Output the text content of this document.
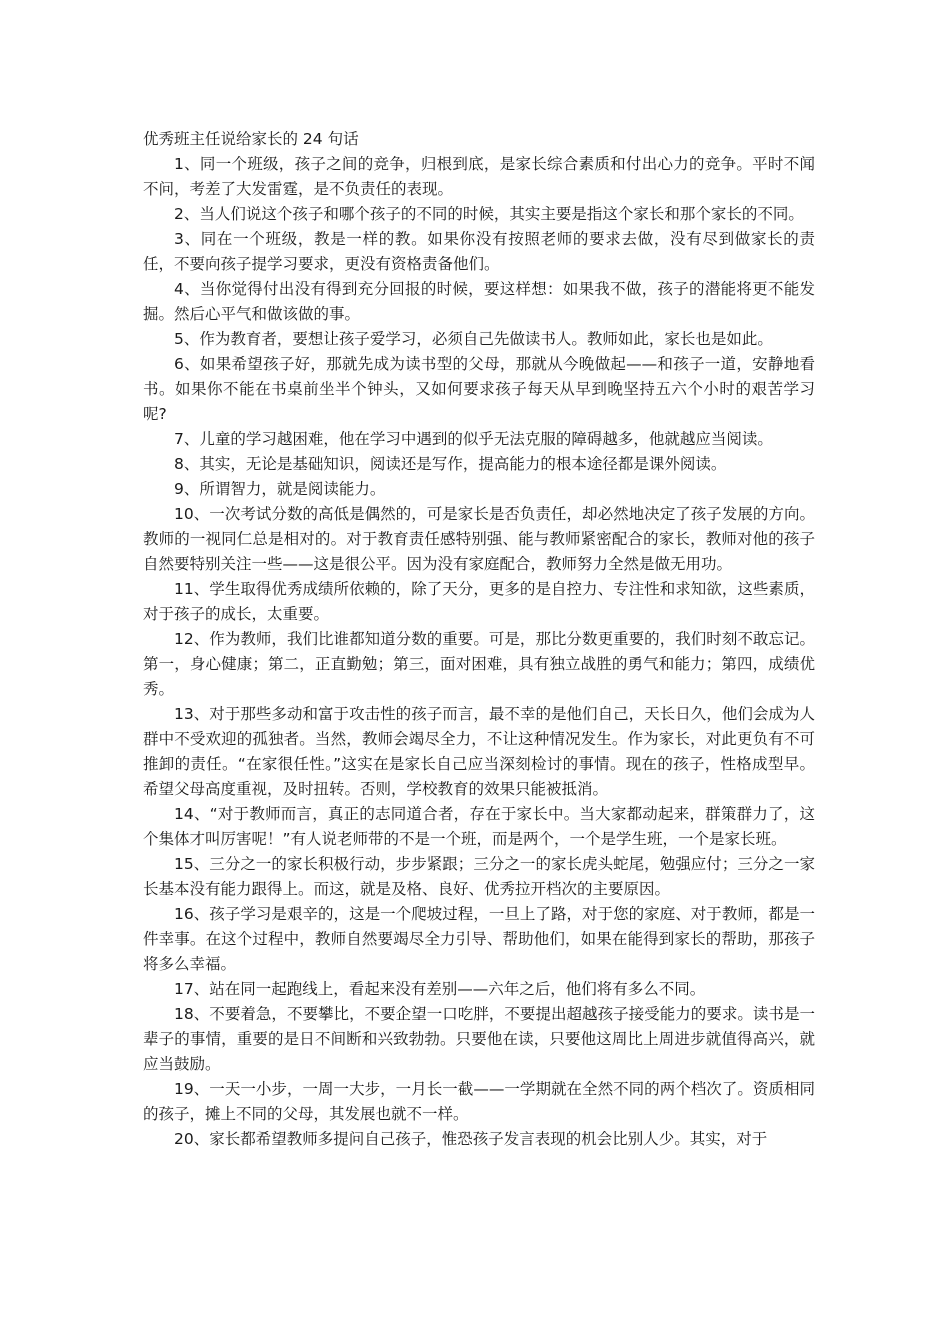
优秀班主任说给家长的 24 句话

1、同一个班级，孩子之间的竞争，归根到底，是家长综合素质和付出心力的竞争。平时不闻不问，考差了大发雷霆，是不负责任的表现。

2、当人们说这个孩子和哪个孩子的不同的时候，其实主要是指这个家长和那个家长的不同。

3、同在一个班级，教是一样的教。如果你没有按照老师的要求去做，没有尽到做家长的责任，不要向孩子提学习要求，更没有资格责备他们。

4、当你觉得付出没有得到充分回报的时候，要这样想：如果我不做，孩子的潜能将更不能发掘。然后心平气和做该做的事。

5、作为教育者，要想让孩子爱学习，必须自己先做读书人。教师如此，家长也是如此。

6、如果希望孩子好，那就先成为读书型的父母，那就从今晚做起——和孩子一道，安静地看书。如果你不能在书桌前坐半个钟头，又如何要求孩子每天从早到晚坚持五六个小时的艰苦学习呢?

7、儿童的学习越困难，他在学习中遇到的似乎无法克服的障碍越多，他就越应当阅读。

8、其实，无论是基础知识，阅读还是写作，提高能力的根本途径都是课外阅读。

9、所谓智力，就是阅读能力。

10、一次考试分数的高低是偶然的，可是家长是否负责任，却必然地决定了孩子发展的方向。教师的一视同仁总是相对的。对于教育责任感特别强、能与教师紧密配合的家长，教师对他的孩子自然要特别关注一些——这是很公平。因为没有家庭配合，教师努力全然是做无用功。

11、学生取得优秀成绩所依赖的，除了天分，更多的是自控力、专注性和求知欲，这些素质，对于孩子的成长，太重要。

12、作为教师，我们比谁都知道分数的重要。可是，那比分数更重要的，我们时刻不敢忘记。第一，身心健康；第二，正直勤勉；第三，面对困难，具有独立战胜的勇气和能力；第四，成绩优秀。

13、对于那些多动和富于攻击性的孩子而言，最不幸的是他们自己，天长日久，他们会成为人群中不受欢迎的孤独者。当然，教师会竭尽全力，不让这种情况发生。作为家长，对此更负有不可推卸的责任。“在家很任性。”这实在是家长自己应当深刻检讨的事情。现在的孩子，性格成型早。希望父母高度重视，及时扭转。否则，学校教育的效果只能被抵消。

14、“对于教师而言，真正的志同道合者，存在于家长中。当大家都动起来，群策群力了，这个集体才叫厉害呢！”有人说老师带的不是一个班，而是两个，一个是学生班，一个是家长班。

15、三分之一的家长积极行动，步步紧跟；三分之一的家长虎头蛇尾，勉强应付；三分之一家长基本没有能力跟得上。而这，就是及格、良好、优秀拉开档次的主要原因。

16、孩子学习是艰辛的，这是一个爬坡过程，一旦上了路，对于您的家庭、对于教师，都是一件幸事。在这个过程中，教师自然要竭尽全力引导、帮助他们，如果在能得到家长的帮助，那孩子将多么幸福。

17、站在同一起跑线上，看起来没有差别——六年之后，他们将有多么不同。

18、不要着急，不要攀比，不要企望一口吃胖，不要提出超越孩子接受能力的要求。读书是一辈子的事情，重要的是日不间断和兴致勃勃。只要他在读，只要他这周比上周进步就值得高兴，就应当鼓励。

19、一天一小步，一周一大步，一月长一截——一学期就在全然不同的两个档次了。资质相同的孩子，摊上不同的父母，其发展也就不一样。

20、家长都希望教师多提问自己孩子，惟恐孩子发言表现的机会比别人少。其实，对于
